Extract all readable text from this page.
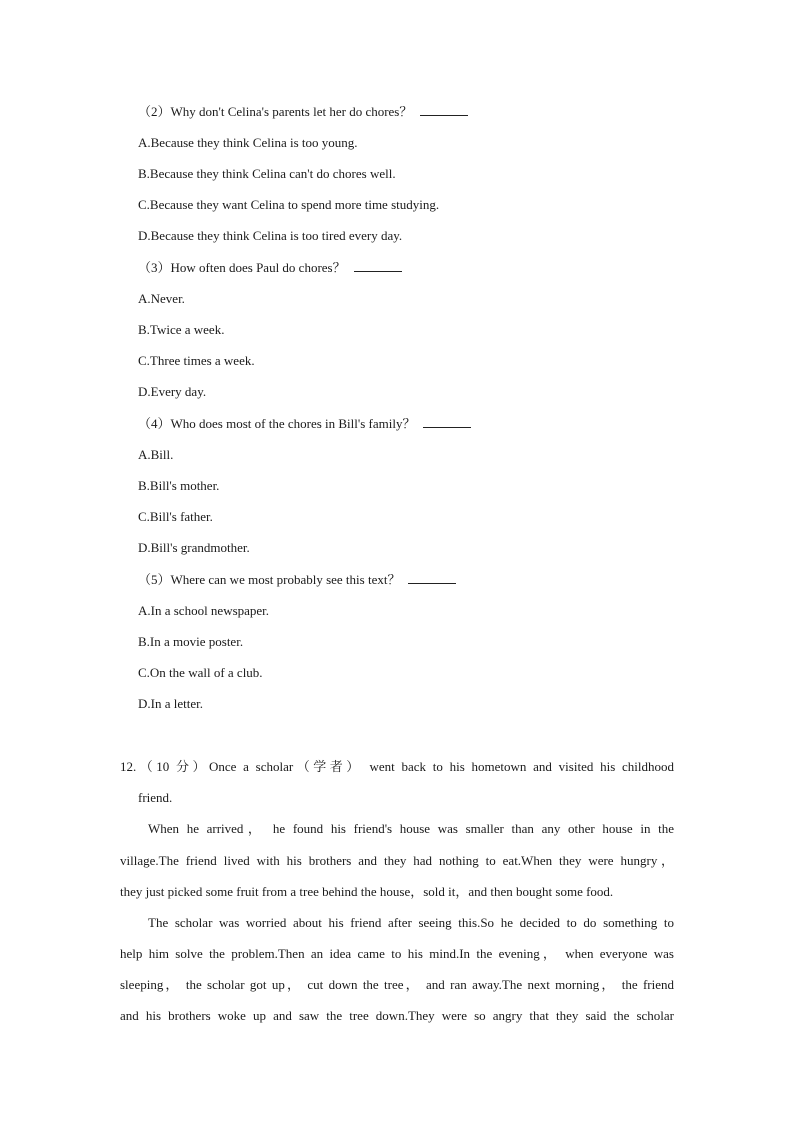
（2）Why don't Celina's parents let her do chores？
A.Because they think Celina is too young.
B.Because they think Celina can't do chores well.
C.Because they want Celina to spend more time studying.
D.Because they think Celina is too tired every day.
（3）How often does Paul do chores？
A.Never.
B.Twice a week.
C.Three times a week.
D.Every day.
（4）Who does most of the chores in Bill's family？
A.Bill.
B.Bill's mother.
C.Bill's father.
D.Bill's grandmother.
（5）Where can we most probably see this text？
A.In a school newspaper.
B.In a movie poster.
C.On the wall of a club.
D.In a letter.
12.（10 分）Once a scholar（学者） went back to his hometown and visited his childhood
friend.
When he arrived， he found his friend's house was smaller than any other house in the
village.The friend lived with his brothers and they had nothing to eat.When they were hungry，
they just picked some fruit from a tree behind the house，sold it，and then bought some food.
The scholar was worried about his friend after seeing this.So he decided to do something to
help him solve the problem.Then an idea came to his mind.In the evening， when everyone was
sleeping， the scholar got up， cut down the tree， and ran away.The next morning， the friend
and his brothers woke up and saw the tree down.They were so angry that they said the scholar
